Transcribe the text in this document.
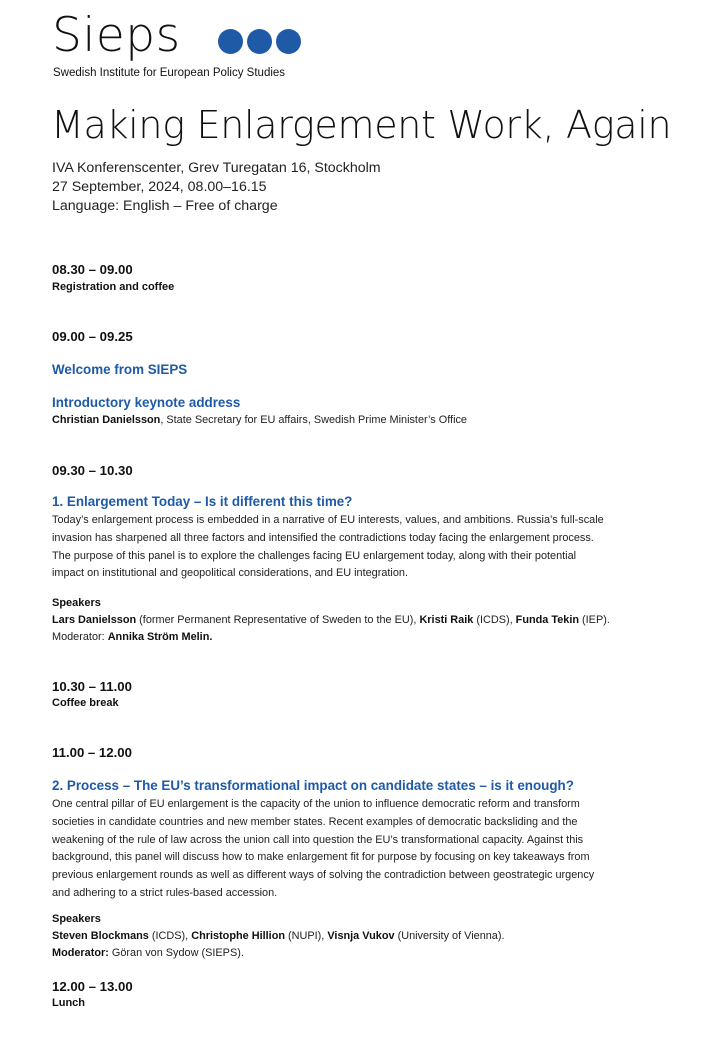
Sieps
Swedish Institute for European Policy Studies
Making Enlargement Work, Again
IVA Konferenscenter, Grev Turegatan 16, Stockholm
27 September, 2024, 08.00–16.15
Language: English – Free of charge
08.30 – 09.00
Registration and coffee
09.00 – 09.25
Welcome from SIEPS
Introductory keynote address
Christian Danielsson, State Secretary for EU affairs, Swedish Prime Minister’s Office
09.30 – 10.30
1. Enlargement Today – Is it different this time?

Today’s enlargement process is embedded in a narrative of EU interests, values, and ambitions. Russia’s full-scale

invasion has sharpened all three factors and intensified the contradictions today facing the enlargement process.

The purpose of this panel is to explore the challenges facing EU enlargement today, along with their potential

impact on institutional and geopolitical considerations, and EU integration.

Speakers
Lars Danielsson (former Permanent Representative of Sweden to the EU), Kristi Raik (ICDS), Funda Tekin (IEP).
Moderator: Annika Ström Melin.
10.30 – 11.00
Coffee break
11.00 – 12.00
2. Process – The EU’s transformational impact on candidate states – is it enough?

One central pillar of EU enlargement is the capacity of the union to influence democratic reform and transform

societies in candidate countries and new member states. Recent examples of democratic backsliding and the

weakening of the rule of law across the union call into question the EU’s transformational capacity. Against this

background, this panel will discuss how to make enlargement fit for purpose by focusing on key takeaways from

previous enlargement rounds as well as different ways of solving the contradiction between geostrategic urgency

and adhering to a strict rules-based accession.

Speakers
Steven Blockmans (ICDS), Christophe Hillion (NUPI), Visnja Vukov (University of Vienna).
Moderator: Göran von Sydow (SIEPS).
12.00 – 13.00
Lunch
